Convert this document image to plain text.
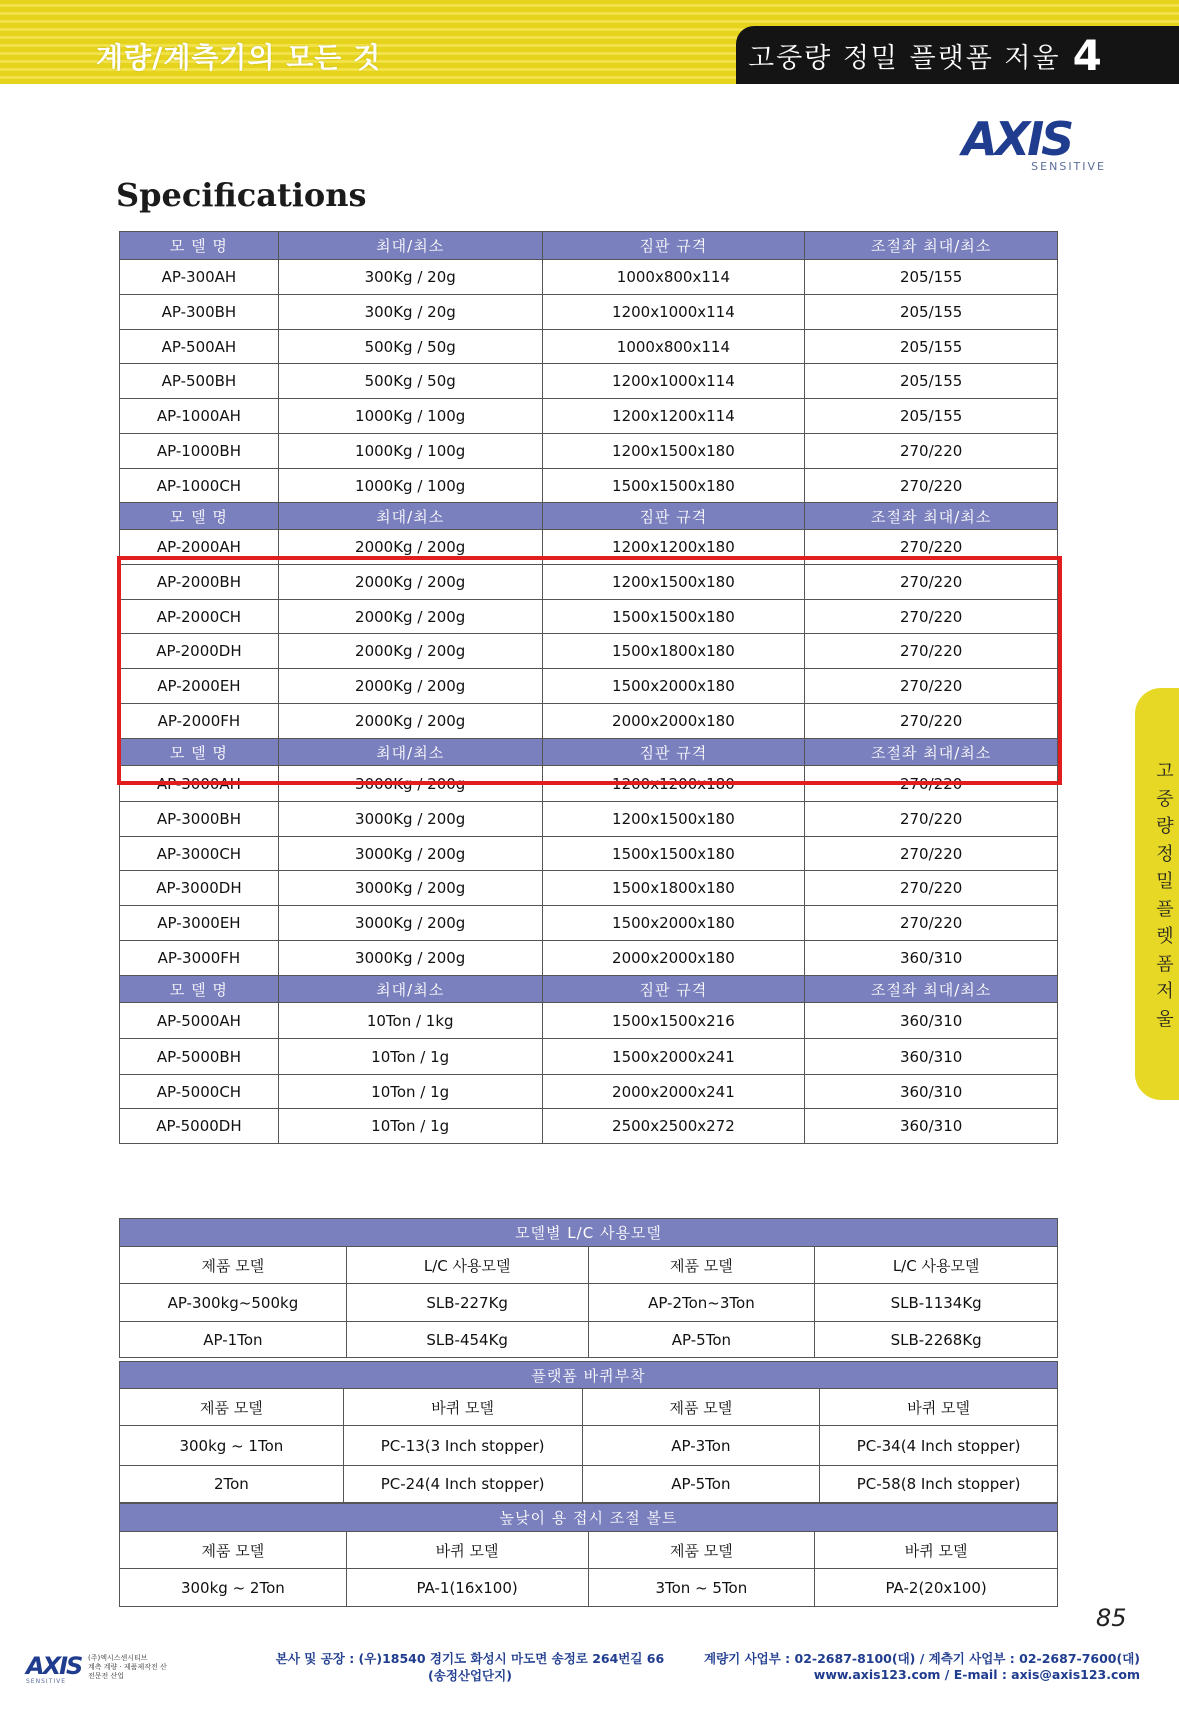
계량/계측기의 모든 것	고중량 정밀 플랫폼 저울 4
AXIS
SENSITIVE
Specifications
모 델 명	최대/최소	짐판 규격	조절좌 최대/최소
AP-300AH	300Kg / 20g	1000x800x114	205/155
AP-300BH	300Kg / 20g	1200x1000x114	205/155
AP-500AH	500Kg / 50g	1000x800x114	205/155
AP-500BH	500Kg / 50g	1200x1000x114	205/155
AP-1000AH	1000Kg / 100g	1200x1200x114	205/155
AP-1000BH	1000Kg / 100g	1200x1500x180	270/220
AP-1000CH	1000Kg / 100g	1500x1500x180	270/220
모 델 명	최대/최소	짐판 규격	조절좌 최대/최소
AP-2000AH	2000Kg / 200g	1200x1200x180	270/220
AP-2000BH	2000Kg / 200g	1200x1500x180	270/220
AP-2000CH	2000Kg / 200g	1500x1500x180	270/220
AP-2000DH	2000Kg / 200g	1500x1800x180	270/220
AP-2000EH	2000Kg / 200g	1500x2000x180	270/220
AP-2000FH	2000Kg / 200g	2000x2000x180	270/220
모 델 명	최대/최소	짐판 규격	조절좌 최대/최소
AP-3000AH	3000Kg / 200g	1200x1200x180	270/220
AP-3000BH	3000Kg / 200g	1200x1500x180	270/220
AP-3000CH	3000Kg / 200g	1500x1500x180	270/220
AP-3000DH	3000Kg / 200g	1500x1800x180	270/220
AP-3000EH	3000Kg / 200g	1500x2000x180	270/220
AP-3000FH	3000Kg / 200g	2000x2000x180	360/310
모 델 명	최대/최소	짐판 규격	조절좌 최대/최소
AP-5000AH	10Ton / 1kg	1500x1500x216	360/310
AP-5000BH	10Ton / 1g	1500x2000x241	360/310
AP-5000CH	10Ton / 1g	2000x2000x241	360/310
AP-5000DH	10Ton / 1g	2500x2500x272	360/310
모델별 L/C 사용모델			
제품 모델	L/C 사용모델	제품 모델	L/C 사용모델
AP-300kg~500kg	SLB-227Kg	AP-2Ton~3Ton	SLB-1134Kg
AP-1Ton	SLB-454Kg	AP-5Ton	SLB-2268Kg
플랫폼 바퀴부착			
제품 모델	바퀴 모델	제품 모델	바퀴 모델
300kg ~ 1Ton	PC-13(3 Inch stopper)	AP-3Ton	PC-34(4 Inch stopper)
2Ton	PC-24(4 Inch stopper)	AP-5Ton	PC-58(8 Inch stopper)
높낮이 용 접시 조절 볼트			
제품 모델	바퀴 모델	제품 모델	바퀴 모델
300kg ~ 2Ton	PA-1(16x100)	3Ton ~ 5Ton	PA-2(20x100)
고
중
량
정
밀
플
렛
폼
저
울
85
AXIS
SENSITIVE
(주)엑시스센시티브
계측 계량 · 제품제작전 산
전문전 산업
본사 및 공장 : (우)18540 경기도 화성시 마도면 송정로 264번길 66
(송정산업단지)
계량기 사업부 : 02-2687-8100(대) / 계측기 사업부 : 02-2687-7600(대)
www.axis123.com / E-mail : axis@axis123.com
